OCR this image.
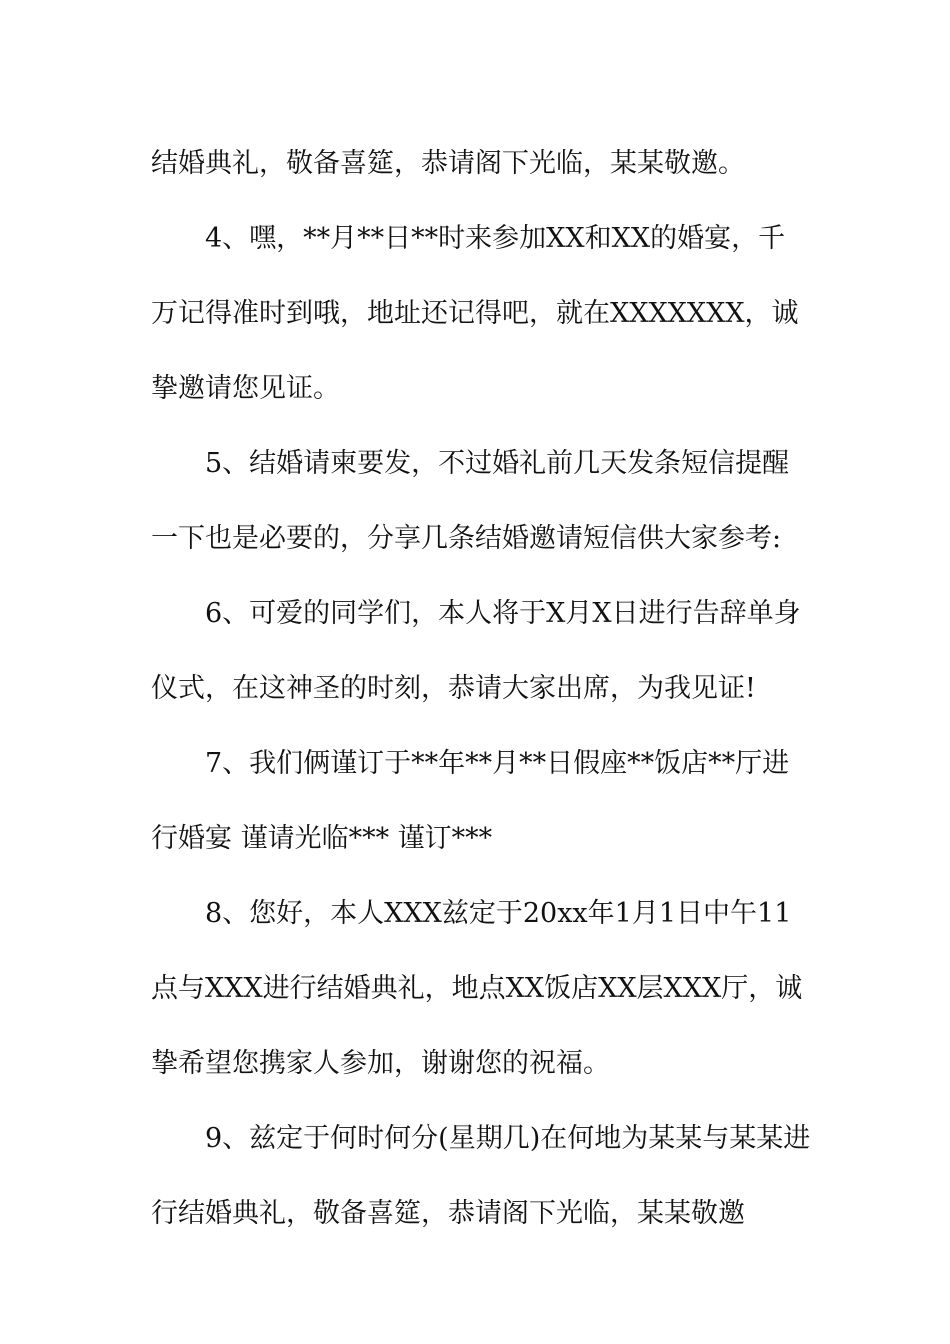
结婚典礼，敬备喜筵，恭请阁下光临，某某敬邀。

4、嘿，**月**日**时来参加XX和XX的婚宴，千万记得准时到哦，地址还记得吧，就在XXXXXXX，诚挚邀请您见证。

5、结婚请柬要发，不过婚礼前几天发条短信提醒一下也是必要的，分享几条结婚邀请短信供大家参考:

6、可爱的同学们，本人将于X月X日进行告辞单身仪式，在这神圣的时刻，恭请大家出席，为我见证!

7、我们俩谨订于**年**月**日假座**饭店**厅进行婚宴 谨请光临*** 谨订***

8、您好，本人XXX兹定于20xx年1月1日中午11点与XXX进行结婚典礼，地点XX饭店XX层XXX厅，诚挚希望您携家人参加，谢谢您的祝福。

9、兹定于何时何分(星期几)在何地为某某与某某进行结婚典礼，敬备喜筵，恭请阁下光临，某某敬邀
